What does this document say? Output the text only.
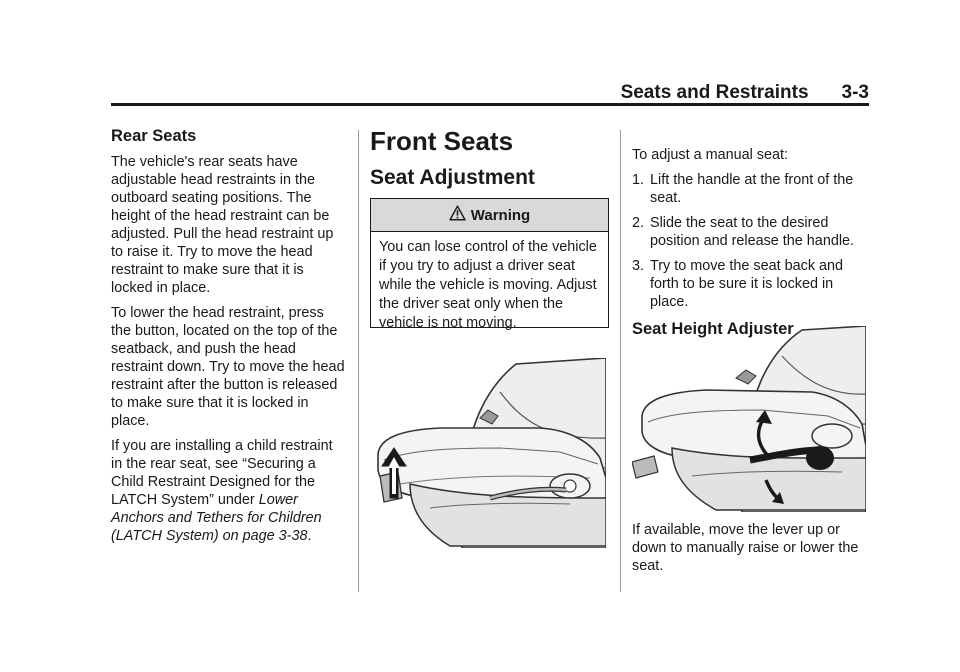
Seats and Restraints 3-3
Rear Seats

The vehicle's rear seats have adjustable head restraints in the outboard seating positions. The height of the head restraint can be adjusted. Pull the head restraint up to raise it. Try to move the head restraint to make sure that it is locked in place.

To lower the head restraint, press the button, located on the top of the seatback, and push the head restraint down. Try to move the head restraint after the button is released to make sure that it is locked in place.

If you are installing a child restraint in the rear seat, see “Securing a Child Restraint Designed for the LATCH System” under Lower Anchors and Tethers for Children (LATCH System) on page 3-38.

Front Seats
Seat Adjustment
Warning
You can lose control of the vehicle if you try to adjust a driver seat while the vehicle is moving. Adjust the driver seat only when the vehicle is not moving.

To adjust a manual seat:

1. Lift the handle at the front of the seat.
2. Slide the seat to the desired position and release the handle.
3. Try to move the seat back and forth to be sure it is locked in place.
Seat Height Adjuster

If available, move the lever up or down to manually raise or lower the seat.
